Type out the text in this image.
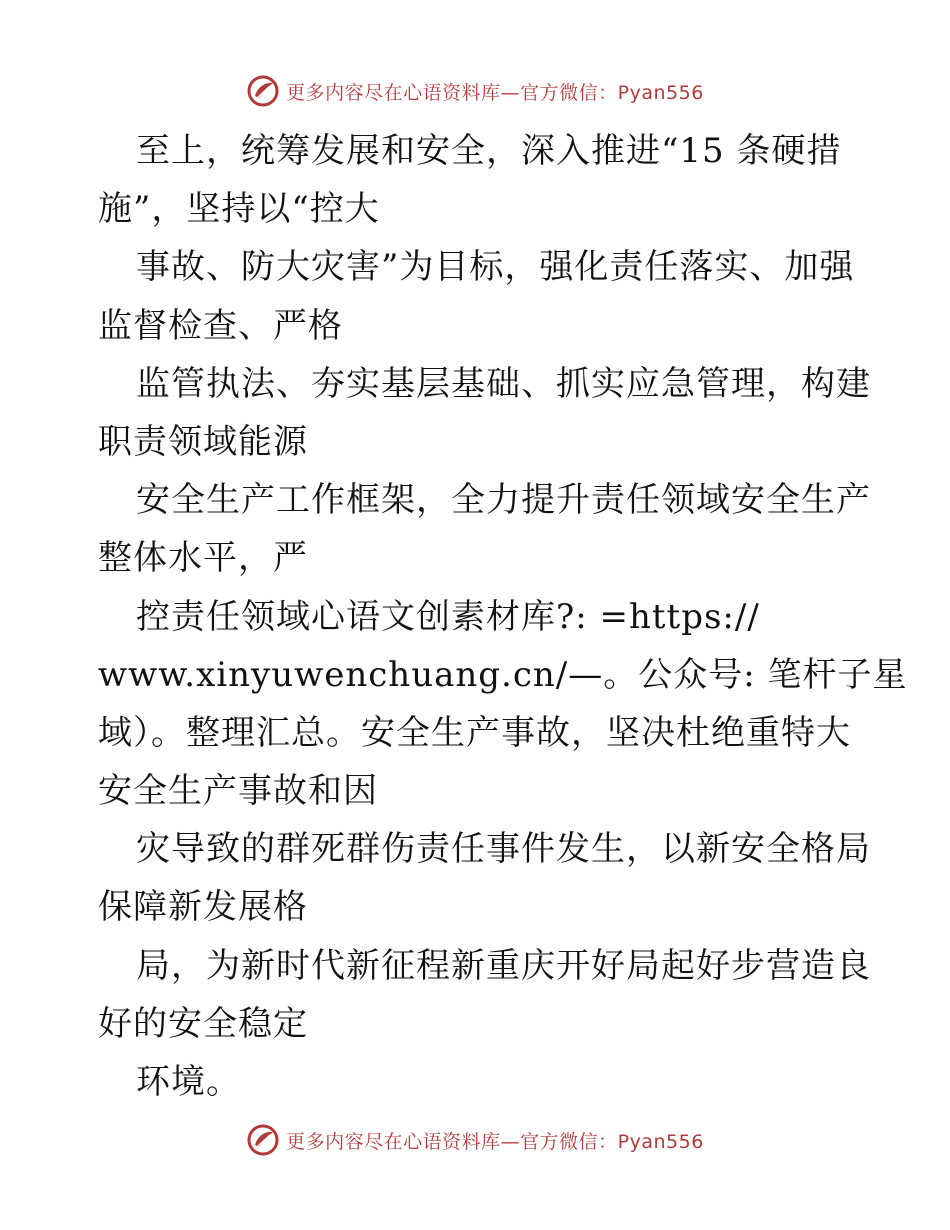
更多内容尽在心语资料库—官方微信：Pyan556
至上，统筹发展和安全，深入推进“15 条硬措
施”，坚持以“控大
事故、防大灾害”为目标，强化责任落实、加强
监督检查、严格
监管执法、夯实基层基础、抓实应急管理，构建
职责领域能源
安全生产工作框架，全力提升责任领域安全生产
整体水平，严
控责任领域心语文创素材库?: =https://
www.xinyuwenchuang.cn/—。公众号: 笔杆子星
域）。整理汇总。安全生产事故，坚决杜绝重特大
安全生产事故和因
灾导致的群死群伤责任事件发生，以新安全格局
保障新发展格
局，为新时代新征程新重庆开好局起好步营造良
好的安全稳定
环境。
更多内容尽在心语资料库—官方微信：Pyan556
